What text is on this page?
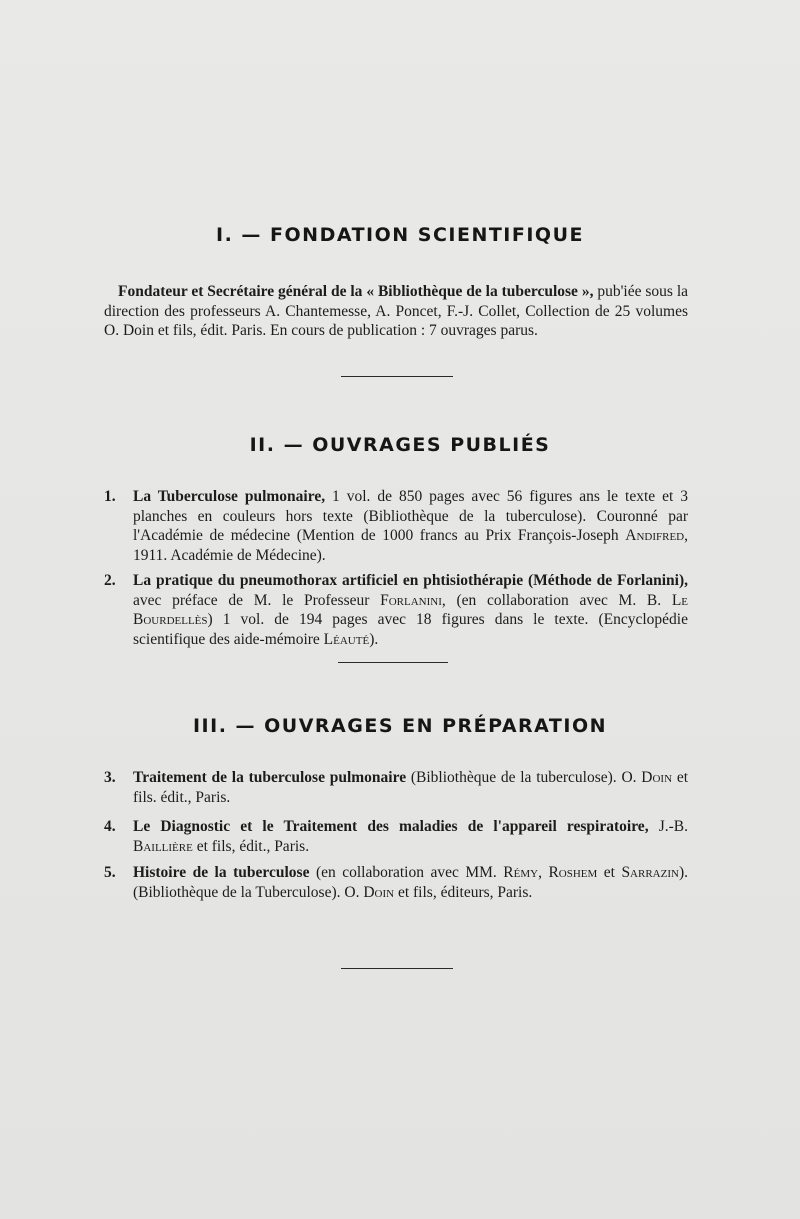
I. — FONDATION SCIENTIFIQUE
Fondateur et Secrétaire général de la « Bibliothèque de la tuberculose », pub'iée sous la direction des professeurs A. Chantemesse, A. Poncet, F.-J. Collet, Collection de 25 volumes O. Doin et fils, édit. Paris. En cours de publication : 7 ouvrages parus.
II. — OUVRAGES PUBLIÉS
1.	La Tuberculose pulmonaire, 1 vol. de 850 pages avec 56 figures ans le texte et 3 planches en couleurs hors texte (Bibliothèque de la tuberculose). Couronné par l'Académie de médecine (Mention de 1000 francs au Prix François-Joseph Andifred, 1911. Académie de Médecine).
2.	La pratique du pneumothorax artificiel en phtisiothérapie (Méthode de Forlanini), avec préface de M. le Professeur Forlanini, (en collaboration avec M. B. Le Bourdellès) 1 vol. de 194 pages avec 18 figures dans le texte. (Encyclopédie scientifique des aide-mémoire Léauté).
III. — OUVRAGES EN PRÉPARATION
3.	Traitement de la tuberculose pulmonaire (Bibliothèque de la tuberculose). O. Doin et fils. édit., Paris.
4.	Le Diagnostic et le Traitement des maladies de l'appareil respiratoire, J.-B. Baillière et fils, édit., Paris.
5.	Histoire de la tuberculose (en collaboration avec MM. Rémy, Roshem et Sarrazin). (Bibliothèque de la Tuberculose). O. Doin et fils, éditeurs, Paris.
